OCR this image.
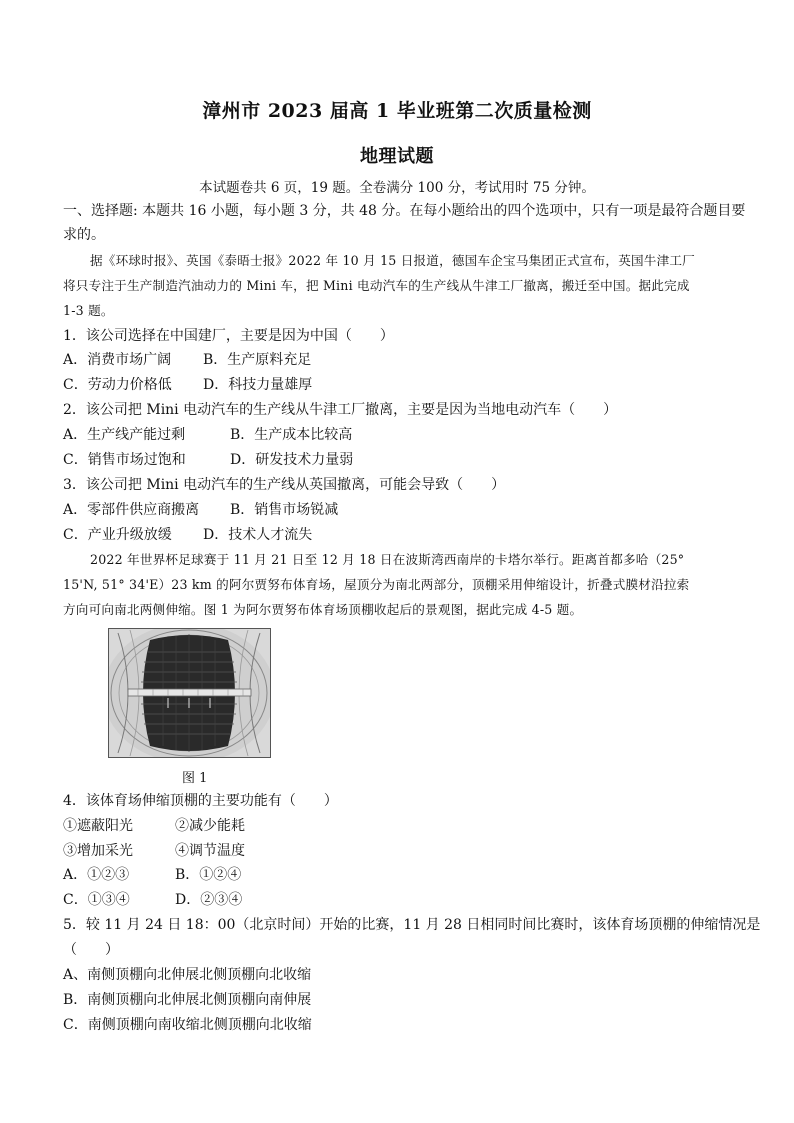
漳州市 2023 届高 1 毕业班第二次质量检测
地理试题
本试题卷共 6 页，19 题。全卷满分 100 分，考试用时 75 分钟。
一、选择题: 本题共 16 小题，每小题 3 分，共 48 分。在每小题给出的四个选项中，只有一项是最符合题目要
求的。
据《环球时报》、英国《泰晤士报》2022 年 10 月 15 日报道，德国车企宝马集团正式宣布，英国牛津工厂
将只专注于生产制造汽油动力的 Mini 车，把 Mini 电动汽车的生产线从牛津工厂撤离，搬迁至中国。据此完成
1-3 题。
1．该公司选择在中国建厂，主要是因为中国（　　）
A．消费市场广阔 B．生产原料充足
C．劳动力价格低 D．科技力量雄厚
2．该公司把 Mini 电动汽车的生产线从牛津工厂撤离，主要是因为当地电动汽车（　　）
A．生产线产能过剩	B．生产成本比较高
C．销售市场过饱和	D．研发技术力量弱
3．该公司把 Mini 电动汽车的生产线从英国撤离，可能会导致（　　）
A．零部件供应商搬离 B．销售市场锐减
C．产业升级放缓 D．技术人才流失
2022 年世界杯足球赛于 11 月 21 日至 12 月 18 日在波斯湾西南岸的卡塔尔举行。距离首都多哈（25°
15'N, 51° 34'E）23 km 的阿尔贾努布体育场，屋顶分为南北两部分，顶棚采用伸缩设计，折叠式膜材沿拉索
方向可向南北两侧伸缩。图 1 为阿尔贾努布体育场顶棚收起后的景观图，据此完成 4-5 题。
图 1
4．该体育场伸缩顶棚的主要功能有（　　）
①遮蔽阳光	②减少能耗
③增加采光	④调节温度
A．①②③	B．①②④
C．①③④	D．②③④
5．较 11 月 24 日 18：00（北京时间）开始的比赛，11 月 28 日相同时间比赛时，该体育场顶棚的伸缩情况是
（　　）
A、南侧顶棚向北伸展北侧顶棚向北收缩
B．南侧顶棚向北伸展北侧顶棚向南伸展
C．南侧顶棚向南收缩北侧顶棚向北收缩
